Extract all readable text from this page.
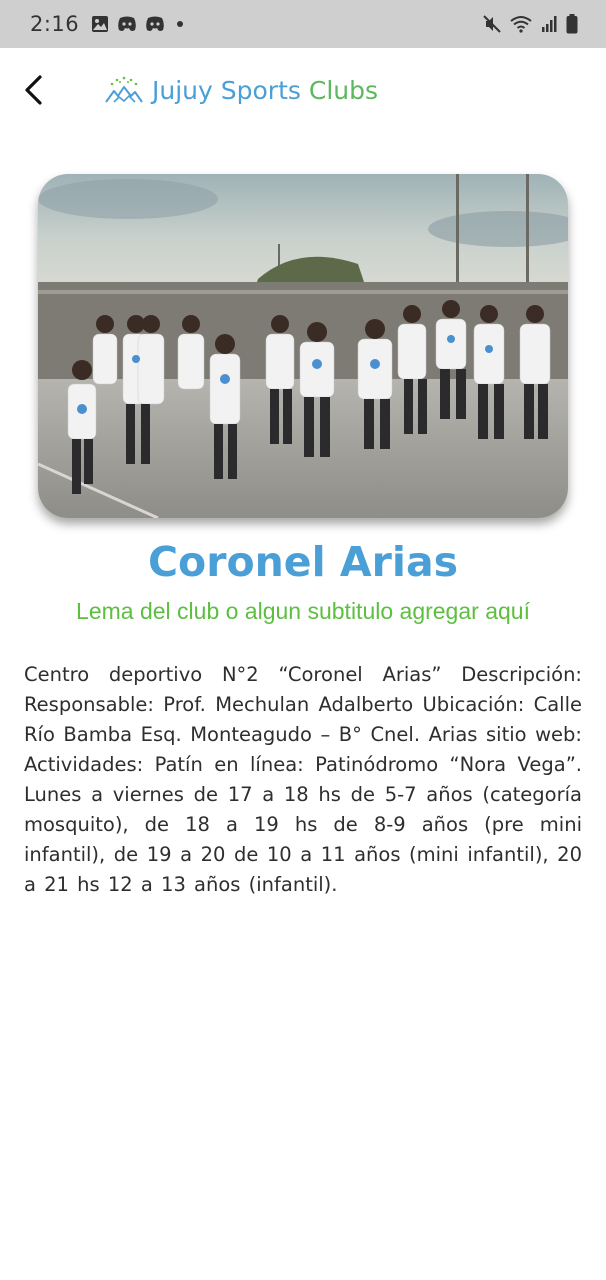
2:16
Jujuy Sports Clubs
Coronel Arias
Lema del club o algun subtitulo agregar aquí

Centro deportivo N°2 “Coronel Arias” Descripción: Responsable: Prof. Mechulan Adalberto Ubicación: Calle Río Bamba Esq. Monteagudo – B° Cnel. Arias sitio web: Actividades: Patín en línea: Patinódromo “Nora Vega”. Lunes a viernes de 17 a 18 hs de 5-7 años (categoría mosquito), de 18 a 19 hs de 8-9 años (pre mini infantil), de 19 a 20 de 10 a 11 años (mini infantil), 20 a 21 hs 12 a 13 años (infantil).
